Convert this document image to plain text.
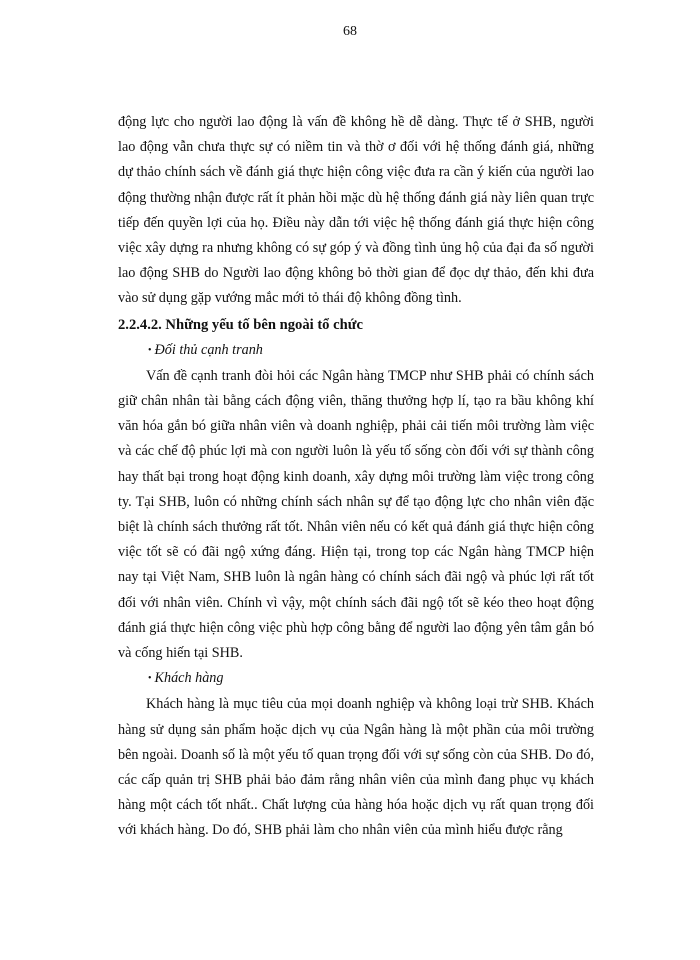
68

động lực cho người lao động là vấn đề không hề dễ dàng. Thực tế ở SHB, người lao động vẫn chưa thực sự có niềm tin và thờ ơ đối với hệ thống đánh giá, những dự thảo chính sách về đánh giá thực hiện công việc đưa ra cần ý kiến của người lao động thường nhận được rất ít phản hồi mặc dù hệ thống đánh giá này liên quan trực tiếp đến quyền lợi của họ. Điều này dẫn tới việc hệ thống đánh giá thực hiện công việc xây dựng ra nhưng không có sự góp ý và đồng tình ủng hộ của đại đa số người lao động SHB do Người lao động không bỏ thời gian để đọc dự thảo, đến khi đưa vào sử dụng gặp vướng mắc mới tỏ thái độ không đồng tình.

2.2.4.2. Những yếu tố bên ngoài tổ chức

• Đối thủ cạnh tranh

Vấn đề cạnh tranh đòi hỏi các Ngân hàng TMCP như SHB phải có chính sách giữ chân nhân tài bằng cách động viên, thăng thưởng hợp lí, tạo ra bầu không khí văn hóa gắn bó giữa nhân viên và doanh nghiệp, phải cải tiến môi trường làm việc và các chế độ phúc lợi mà con người luôn là yếu tố sống còn đối với sự thành công hay thất bại trong hoạt động kinh doanh, xây dựng môi trường làm việc trong công ty. Tại SHB, luôn có những chính sách nhân sự để tạo động lực cho nhân viên đặc biệt là chính sách thưởng rất tốt. Nhân viên nếu có kết quả đánh giá thực hiện công việc tốt sẽ có đãi ngộ xứng đáng. Hiện tại, trong top các Ngân hàng TMCP hiện nay tại Việt Nam, SHB luôn là ngân hàng có chính sách đãi ngộ và phúc lợi rất tốt đối với nhân viên. Chính vì vậy, một chính sách đãi ngộ tốt sẽ kéo theo hoạt động đánh giá thực hiện công việc phù hợp công bằng để người lao động yên tâm gắn bó và cống hiến tại SHB.

• Khách hàng

Khách hàng là mục tiêu của mọi doanh nghiệp và không loại trừ SHB. Khách hàng sử dụng sản phẩm hoặc dịch vụ của Ngân hàng là một phần của môi trường bên ngoài. Doanh số là một yếu tố quan trọng đối với sự sống còn của SHB. Do đó, các cấp quản trị SHB phải bảo đảm rằng nhân viên của mình đang phục vụ khách hàng một cách tốt nhất.. Chất lượng của hàng hóa hoặc dịch vụ rất quan trọng đối với khách hàng. Do đó, SHB phải làm cho nhân viên của mình hiểu được rằng
